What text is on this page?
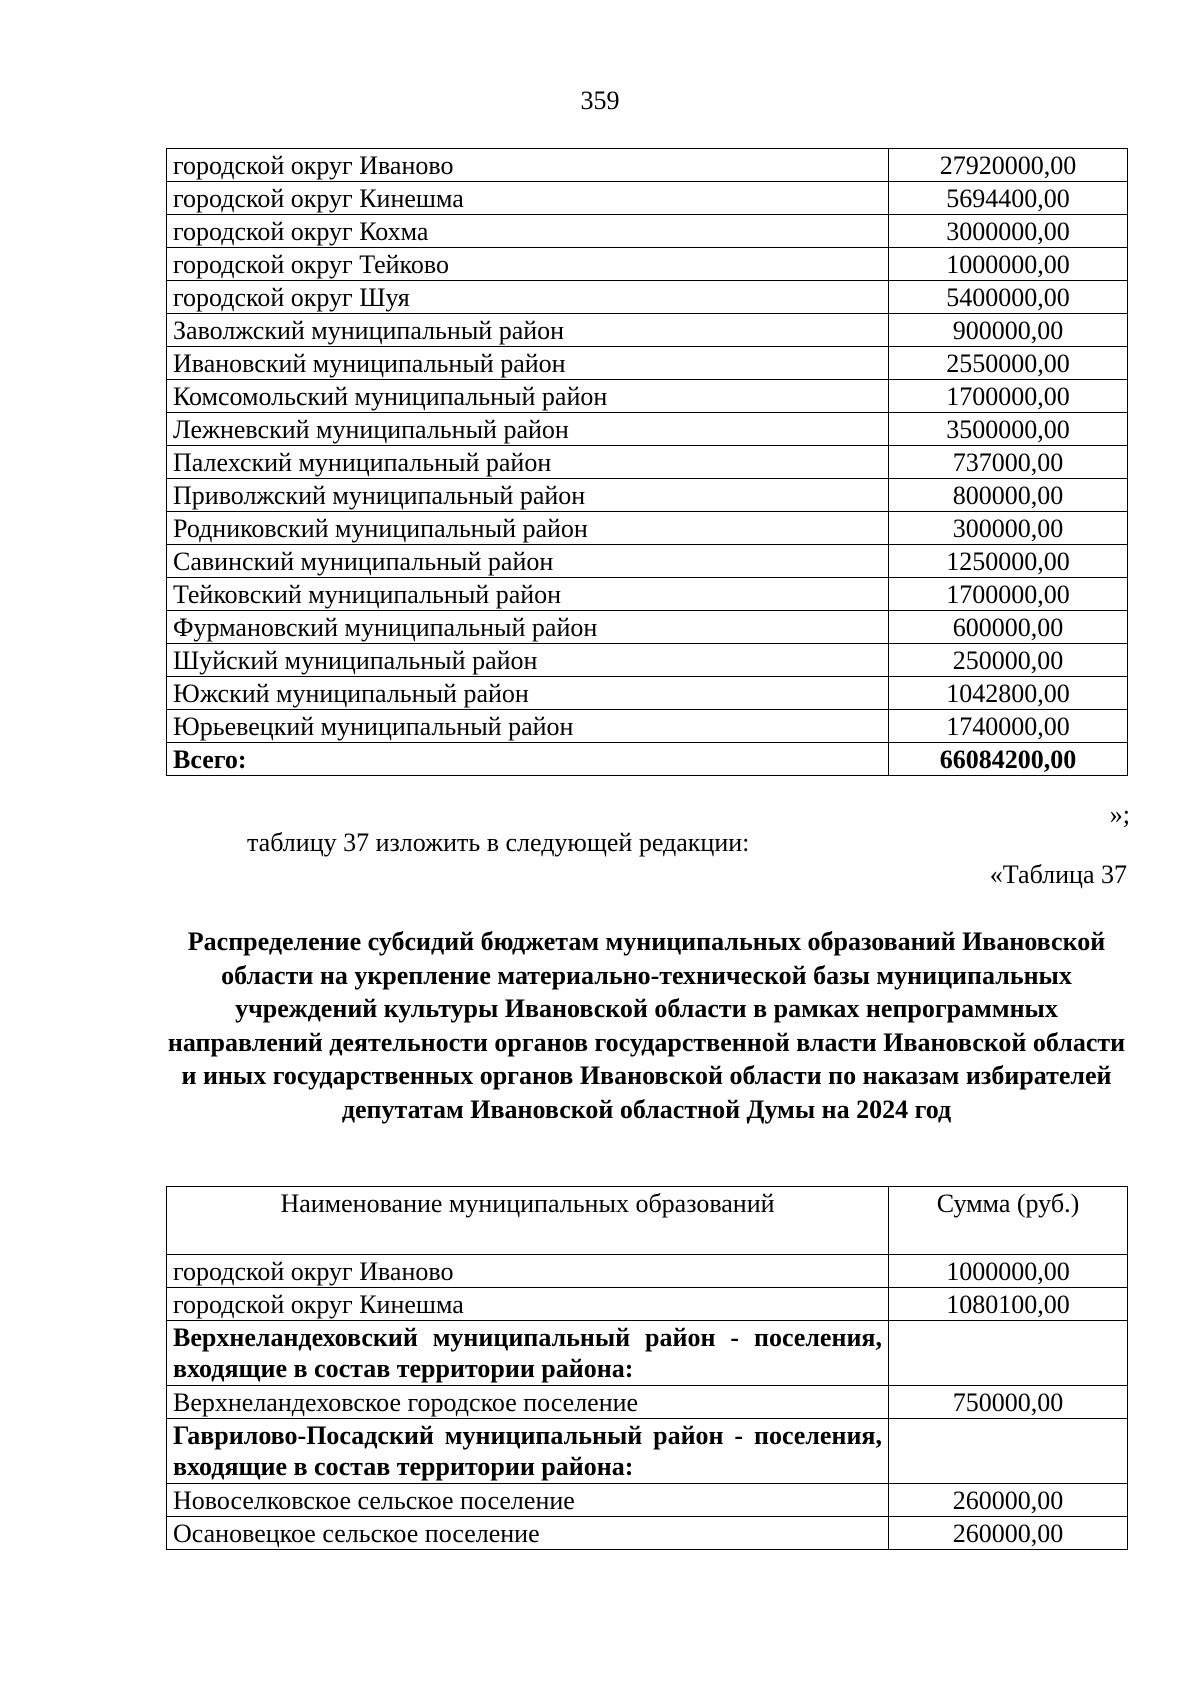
359
городской округ Иваново	27920000,00
городской округ Кинешма	5694400,00
городской округ Кохма	3000000,00
городской округ Тейково	1000000,00
городской округ Шуя	5400000,00
Заволжский муниципальный район	900000,00
Ивановский муниципальный район	2550000,00
Комсомольский муниципальный район	1700000,00
Лежневский муниципальный район	3500000,00
Палехский муниципальный район	737000,00
Приволжский муниципальный район	800000,00
Родниковский муниципальный район	300000,00
Савинский муниципальный район	1250000,00
Тейковский муниципальный район	1700000,00
Фурмановский муниципальный район	600000,00
Шуйский муниципальный район	250000,00
Южский муниципальный район	1042800,00
Юрьевецкий муниципальный район	1740000,00
Всего:	66084200,00
»;
таблицу 37 изложить в следующей редакции:
«Таблица 37
Распределение субсидий бюджетам муниципальных образований Ивановской области на укрепление материально-технической базы муниципальных учреждений культуры Ивановской области в рамках непрограммных направлений деятельности органов государственной власти Ивановской области и иных государственных органов Ивановской области по наказам избирателей депутатам Ивановской областной Думы на 2024 год
Наименование муниципальных образований	Сумма (руб.)
городской округ Иваново	1000000,00
городской округ Кинешма	1080100,00
Верхнеландеховский муниципальный район - поселения, входящие в состав территории района:	
Верхнеландеховское городское поселение	750000,00
Гаврилово-Посадский муниципальный район - поселения, входящие в состав территории района:	
Новоселковское сельское поселение	260000,00
Осановецкое сельское поселение	260000,00
